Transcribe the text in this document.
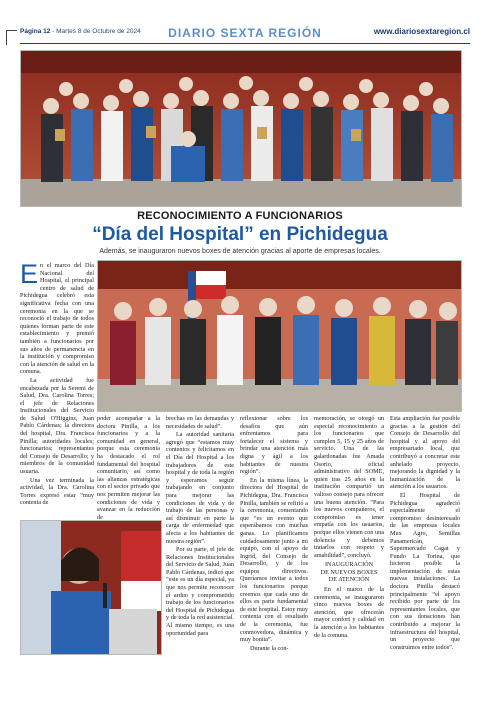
Página 12 - Martes 8 de Octubre de 2024	DIARIO SEXTA REGIÓN	www.diariosextaregion.cl
RECONOCIMIENTO A FUNCIONARIOS
“Día del Hospital” en Pichidegua
Además, se inauguraron nuevos boxes de atención gracias al aporte de empresas locales.
E n el marco del Día Nacional del Hospital, el principal centro de salud de Pichidegua celebró esta significativa fecha con una ceremonia en la que se reconoció el trabajo de todos quienes forman parte de este establecimiento y premió también a funcionarios por sus años de permanencia en la institución y compromiso con la atención de salud en la comuna.

La actividad fue encabezada por la Seremi de Salud, Dra. Carolina Torres; el jefe de Relaciones Institucionales del Servicio de Salud O'Higgins, Juan Pablo Cárdenas; la directora del hospital, Dra. Francisca Pinilla; autoridades locales; funcionarios; representantes del Consejo de Desarrollo; y miembros de la comunidad usuaria.

Una vez terminada la actividad, la Dra. Carolina Torres expresó estar “muy contenta de

poder acompañar a la doctora Pinilla, a los funcionarios y a la comunidad en general, porque esta ceremonia ha destacado el rol fundamental del hospital comunitario, así como las alianzas estratégicas con el sector privado que nos permiten mejorar las condiciones de vida y avanzar en la reducción de

brechas en las demandas y necesidades de salud”.

La autoridad sanitaria agregó que “estamos muy contentos y felicitamos en el Día del Hospital a los trabajadores de este hospital y de toda la región y esperamos seguir trabajando en conjunto para mejorar las condiciones de vida y de trabajo de las personas y así disminuir en parte la carga de enfermedad que afecta a los habitantes de nuestra región”.

Por su parte, el jefe de Relaciones Institucionales del Servicio de Salud, Juan Pablo Cárdenas, indicó que “este es un día especial, ya que nos permite reconocer el arduo y comprometido trabajo de los funcionarios del Hospital de Pichidegua y de toda la red asistencial. Al mismo tiempo, es una oportunidad para

reflexionar sobre los desafíos que aún enfrentamos para fortalecer el sistema y brindar una atención más digna y ágil a los habitantes de nuestra región”.

En la misma línea, la directora del Hospital de Pichidegua, Dra. Francisca Pinilla, también se refirió a la ceremonia, comentando que “es un evento que esperábamos con muchas ganas. Lo planificamos cuidadosamente junto a mi equipo, con el apoyo de Ingrid, del Consejo de Desarrollo, y de los equipos directivos. Queríamos invitar a todos los funcionarios porque creemos que cada uno de ellos es parte fundamental de este hospital. Estoy muy contenta con el resultado de la ceremonia, fue conmovedora, dinámica y muy bonita”.

Durante la con-

memoración, se otorgó un especial reconocimiento a los funcionarios que cumplen 5, 15 y 25 años de servicio. Una de las galardonadas fue Amada Osorio, oficial administrativo del SOME, quien tras 25 años en la institución compartió un valioso consejo para ofrecer una buena atención. “Para los nuevos compañeros, el compromiso es tener empatía con los usuarios, porque ellos vienen con una dolencia y debemos tratarlos con respeto y amabilidad”, concluyó.

INAUGURACIÓN
DE NUEVOS BOXES
DE ATENCIÓN

En el marco de la ceremonia, se inauguraron cinco nuevos boxes de atención, que ofrecerán mayor confort y calidad en la atención a los habitantes de la comuna.

Esta ampliación fue posible gracias a la gestión del Consejo de Desarrollo del hospital y al apoyo del empresariado local, que contribuyó a concretar este anhelado proyecto, mejorando la dignidad y la humanización de la atención a los usuarios.

El Hospital de Pichidegua agradeció especialmente el compromiso desinteresado de las empresas locales Mux Agro, Semillas Panamericán, Supermercado Cagat y Fundo La Torina, que hicieron posible la implementación de estas nuevas instalaciones. La doctora Pinilla destacó principalmente “el apoyo recibido por parte de los representantes locales, que con sus donaciones han contribuido a mejorar la infraestructura del hospital, un proyecto que construimos entre todos”.
